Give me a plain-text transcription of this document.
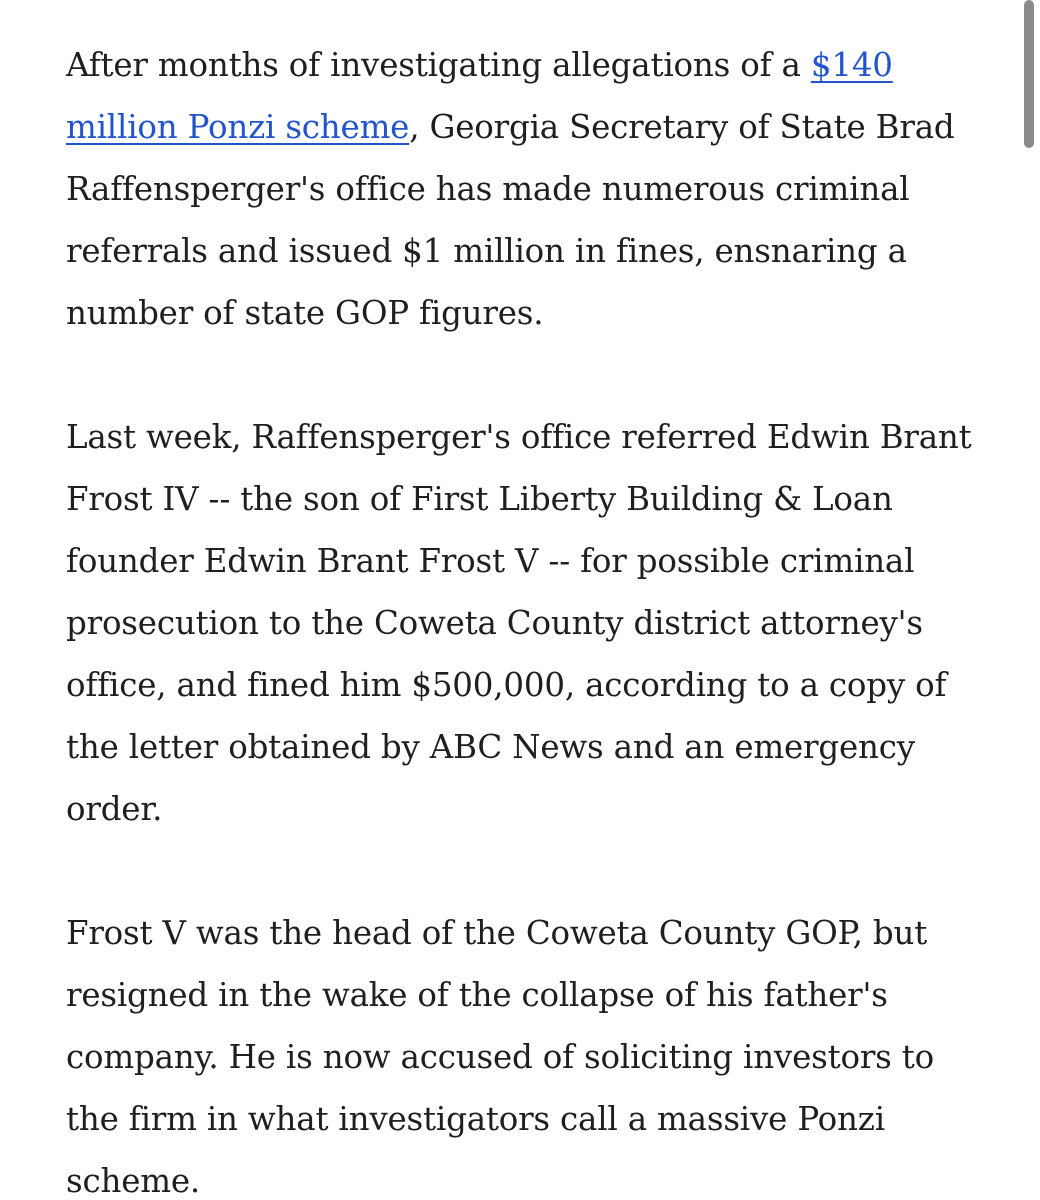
After months of investigating allegations of a $140 million Ponzi scheme, Georgia Secretary of State Brad Raffensperger's office has made numerous criminal referrals and issued $1 million in fines, ensnaring a number of state GOP figures.

Last week, Raffensperger's office referred Edwin Brant Frost IV -- the son of First Liberty Building & Loan founder Edwin Brant Frost V -- for possible criminal prosecution to the Coweta County district attorney's office, and fined him $500,000, according to a copy of the letter obtained by ABC News and an emergency order.

Frost V was the head of the Coweta County GOP, but resigned in the wake of the collapse of his father's company. He is now accused of soliciting investors to the firm in what investigators call a massive Ponzi scheme.
